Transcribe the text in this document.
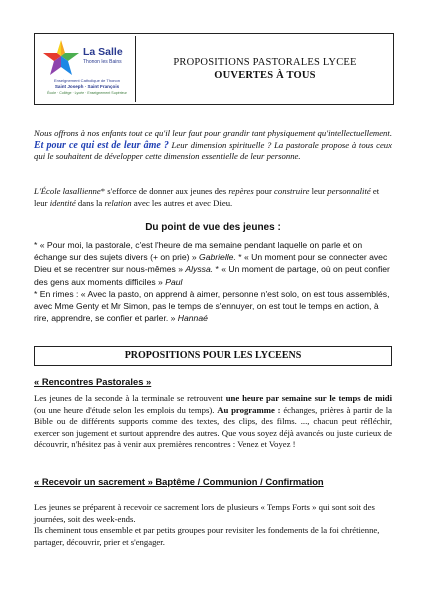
La Salle
Thonon les Bains
Enseignement Catholique de Thonon
Saint Joseph · Saint François
École · Collège · Lycée · Enseignement Supérieur
PROPOSITIONS PASTORALES LYCEE
OUVERTES À TOUS
Nous offrons à nos enfants tout ce qu'il leur faut pour grandir tant physiquement qu'intellectuellement. Et pour ce qui est de leur âme ? Leur dimension spirituelle ? La pastorale propose à tous ceux qui le souhaitent de développer cette dimension essentielle de leur personne.
L'École lasallienne* s'efforce de donner aux jeunes des repères pour construire leur personnalité et leur identité dans la relation avec les autres et avec Dieu.
Du point de vue des jeunes :
* « Pour moi, la pastorale, c'est l'heure de ma semaine pendant laquelle on parle et on échange sur des sujets divers (+ on prie) » Gabrielle. * « Un moment pour se connecter avec Dieu et se recentrer sur nous-mêmes » Alyssa. * « Un moment de partage, où on peut confier des gens aux moments difficiles » Paul
* En rimes : « Avec la pasto, on apprend à aimer, personne n'est solo, on est tous assemblés, avec Mme Genty et Mr Simon, pas le temps de s'ennuyer, on est tout le temps en action, à rire, apprendre, se confier et parler. » Hannaé
PROPOSITIONS POUR LES LYCEENS
« Rencontres Pastorales »
Les jeunes de la seconde à la terminale se retrouvent une heure par semaine sur le temps de midi (ou une heure d'étude selon les emplois du temps). Au programme : échanges, prières à partir de la Bible ou de différents supports comme des textes, des clips, des films. ..., chacun peut réfléchir, exercer son jugement et surtout apprendre des autres. Que vous soyez déjà avancés ou juste curieux de découvrir, n'hésitez pas à venir aux premières rencontres : Venez et Voyez !
« Recevoir un sacrement » Baptême / Communion / Confirmation
Les jeunes se préparent à recevoir ce sacrement lors de plusieurs « Temps Forts » qui sont soit des journées, soit des week-ends.
Ils cheminent tous ensemble et par petits groupes pour revisiter les fondements de la foi chrétienne, partager, découvrir, prier et s'engager.
